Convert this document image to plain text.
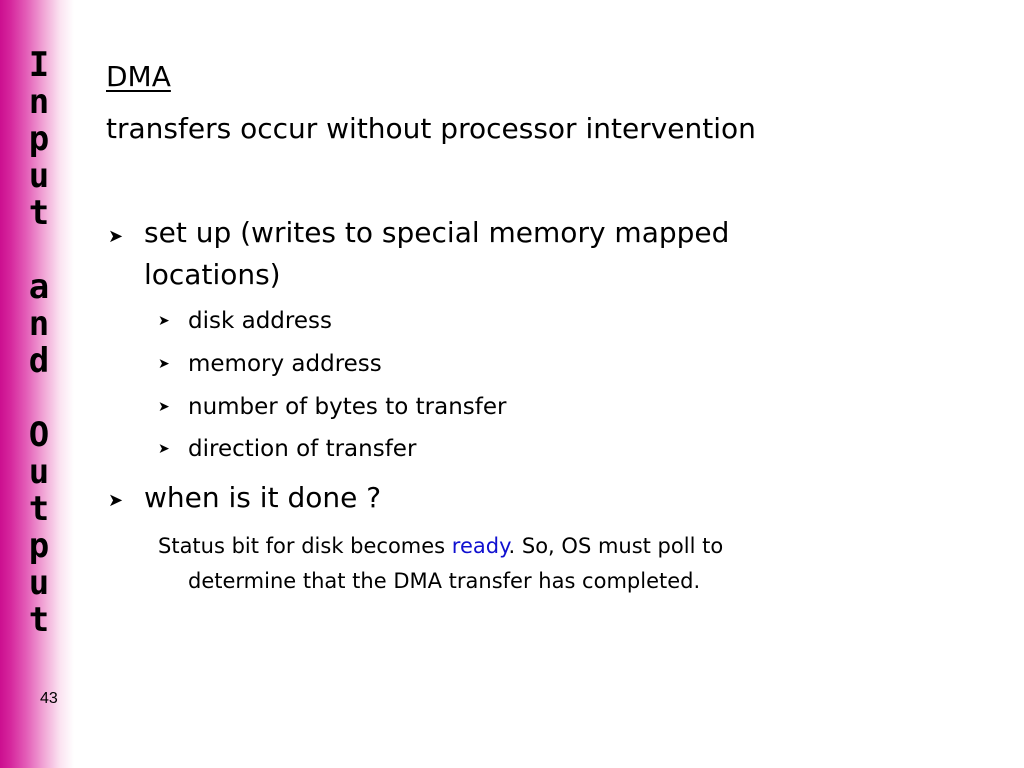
I
n
p
u
t
a
n
d
O
u
t
p
u
t
43
DMA
transfers occur without processor intervention
➤ set up (writes to special memory mapped
locations)
➤ disk address
➤ memory address
➤ number of bytes to transfer
➤ direction of transfer
➤ when is it done ?
Status bit for disk becomes ready. So, OS must poll to
determine that the DMA transfer has completed.
